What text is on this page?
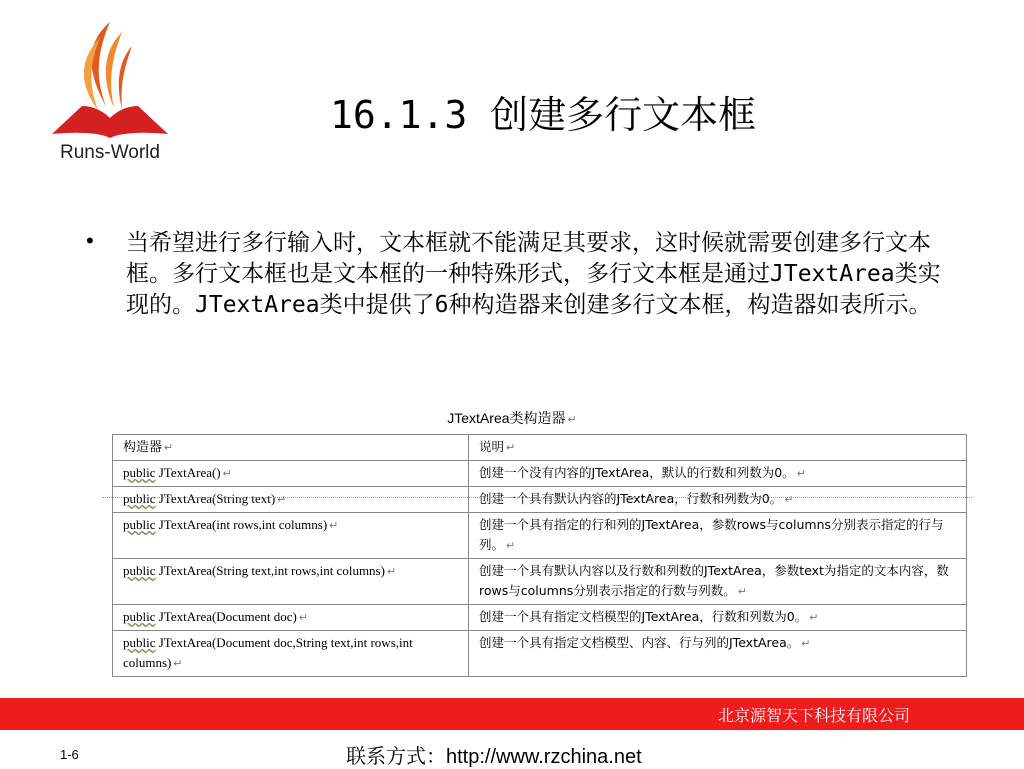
Runs-World
16.1.3 创建多行文本框
• 当希望进行多行输入时，文本框就不能满足其要求，这时候就需要创建多行文本框。多行文本框也是文本框的一种特殊形式，多行文本框是通过JTextArea类实现的。JTextArea类中提供了6种构造器来创建多行文本框，构造器如表所示。
JTextArea类构造器 ↵
构造器 ↵	说明 ↵
public JTextArea() ↵	创建一个没有内容的JTextArea，默认的行数和列数为0。 ↵
public JTextArea(String text) ↵	创建一个具有默认内容的JTextArea，行数和列数为0。 ↵
public JTextArea(int rows,int columns) ↵	创建一个具有指定的行和列的JTextArea，参数rows与columns分别表示指定的行与列。 ↵
public JTextArea(String text,int rows,int columns) ↵	创建一个具有默认内容以及行数和列数的JTextArea，参数text为指定的文本内容，数rows与columns分别表示指定的行数与列数。 ↵
public JTextArea(Document doc) ↵	创建一个具有指定文档模型的JTextArea，行数和列数为0。 ↵
public JTextArea(Document doc,String text,int rows,int columns) ↵	创建一个具有指定文档模型、内容、行与列的JTextArea。 ↵
北京源智天下科技有限公司
1-6	联系方式：http://www.rzchina.net
